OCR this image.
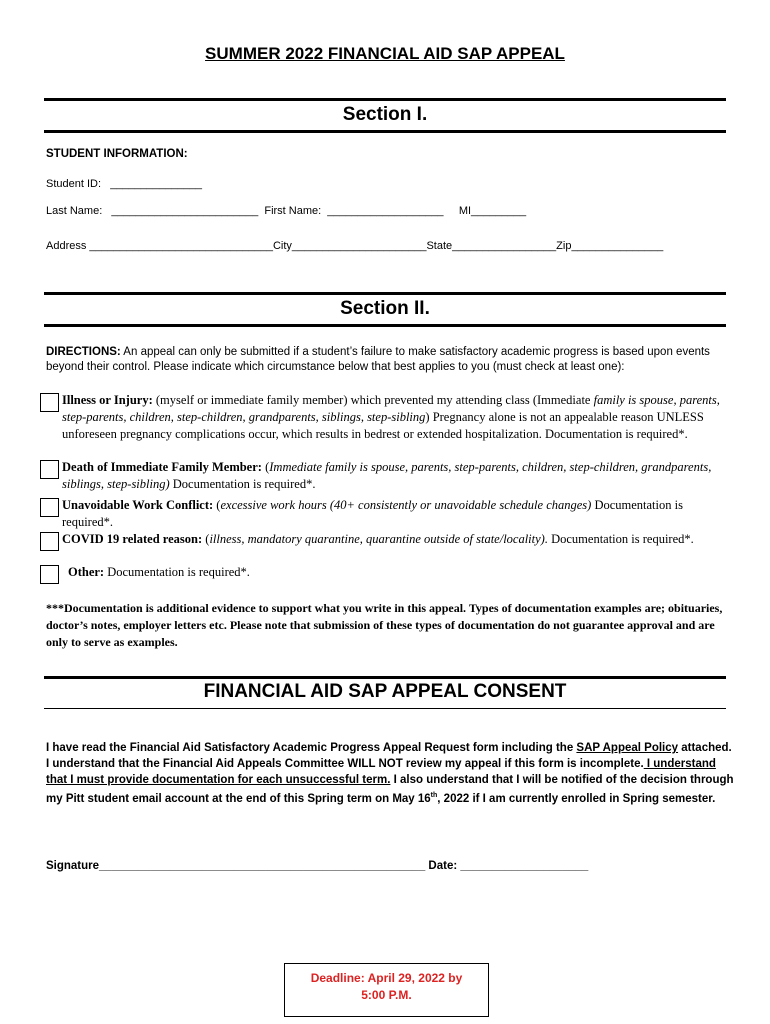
SUMMER 2022 FINANCIAL AID SAP APPEAL
Section I.
STUDENT INFORMATION:
Student ID:   _______________
Last Name:   ________________________  First Name:  ___________________     MI_________
Address ______________________________City______________________State_________________Zip_______________
Section II.
DIRECTIONS: An appeal can only be submitted if a student’s failure to make satisfactory academic progress is based upon events beyond their control. Please indicate which circumstance below that best applies to you (must check at least one):
Illness or Injury: (myself or immediate family member) which prevented my attending class (Immediate family is spouse, parents, step-parents, children, step-children, grandparents, siblings, step-sibling) Pregnancy alone is not an appealable reason UNLESS unforeseen pregnancy complications occur, which results in bedrest or extended hospitalization. Documentation is required*.
Death of Immediate Family Member: (Immediate family is spouse, parents, step-parents, children, step-children, grandparents, siblings, step-sibling) Documentation is required*.
Unavoidable Work Conflict: (excessive work hours (40+ consistently or unavoidable schedule changes) Documentation is required*.
COVID 19 related reason: (illness, mandatory quarantine, quarantine outside of state/locality). Documentation is required*.
Other: Documentation is required*.
***Documentation is additional evidence to support what you write in this appeal. Types of documentation examples are; obituaries, doctor’s notes, employer letters etc. Please note that submission of these types of documentation do not guarantee approval and are only to serve as examples.
FINANCIAL AID SAP APPEAL CONSENT
I have read the Financial Aid Satisfactory Academic Progress Appeal Request form including the SAP Appeal Policy attached. I understand that the Financial Aid Appeals Committee WILL NOT review my appeal if this form is incomplete. I understand that I must provide documentation for each unsuccessful term. I also understand that I will be notified of the decision through my Pitt student email account at the end of this Spring term on May 16th, 2022 if I am currently enrolled in Spring semester.
Signature___________________________________________________ Date: ____________________
Deadline: April 29, 2022 by
5:00 P.M.
